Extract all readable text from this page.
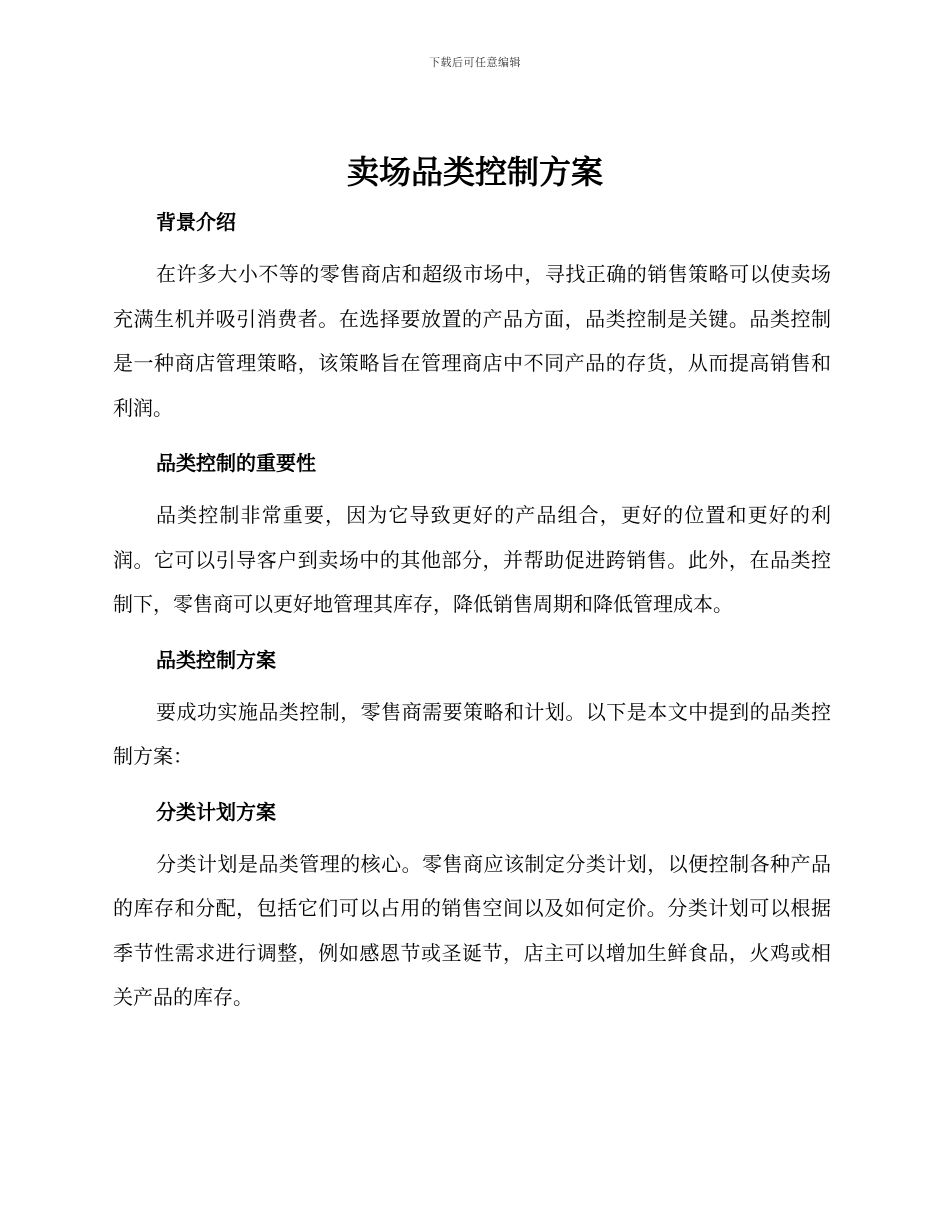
下载后可任意编辑
卖场品类控制方案
背景介绍

在许多大小不等的零售商店和超级市场中，寻找正确的销售策略可以使卖场充满生机并吸引消费者。在选择要放置的产品方面，品类控制是关键。品类控制是一种商店管理策略，该策略旨在管理商店中不同产品的存货，从而提高销售和利润。

品类控制的重要性

品类控制非常重要，因为它导致更好的产品组合，更好的位置和更好的利润。它可以引导客户到卖场中的其他部分，并帮助促进跨销售。此外，在品类控制下，零售商可以更好地管理其库存，降低销售周期和降低管理成本。

品类控制方案

要成功实施品类控制，零售商需要策略和计划。以下是本文中提到的品类控制方案：

分类计划方案

分类计划是品类管理的核心。零售商应该制定分类计划，以便控制各种产品的库存和分配，包括它们可以占用的销售空间以及如何定价。分类计划可以根据季节性需求进行调整，例如感恩节或圣诞节，店主可以增加生鲜食品，火鸡或相关产品的库存。
